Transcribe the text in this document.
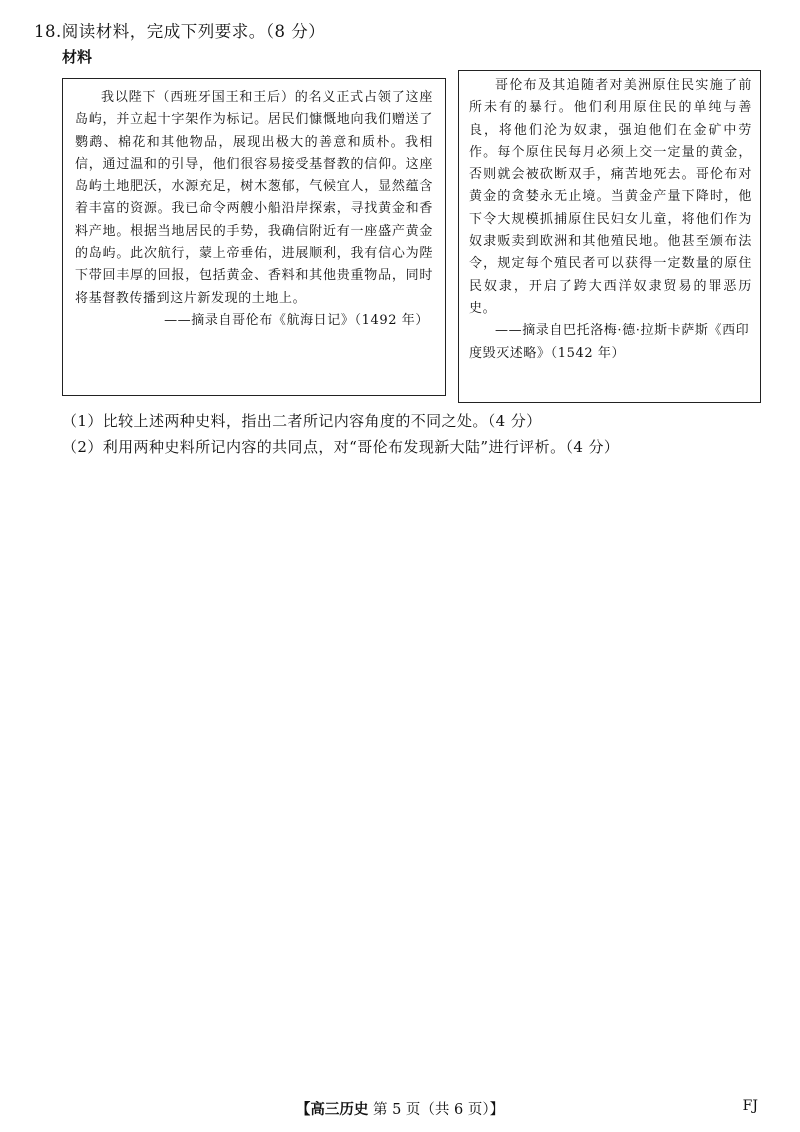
18.阅读材料，完成下列要求。（8 分）
材料

我以陛下（西班牙国王和王后）的名义正式占领了这座岛屿，并立起十字架作为标记。居民们慷慨地向我们赠送了鹦鹉、棉花和其他物品，展现出极大的善意和质朴。我相信，通过温和的引导，他们很容易接受基督教的信仰。这座岛屿土地肥沃，水源充足，树木葱郁，气候宜人，显然蕴含着丰富的资源。我已命令两艘小船沿岸探索，寻找黄金和香料产地。根据当地居民的手势，我确信附近有一座盛产黄金的岛屿。此次航行，蒙上帝垂佑，进展顺利，我有信心为陛下带回丰厚的回报，包括黄金、香料和其他贵重物品，同时将基督教传播到这片新发现的土地上。

——摘录自哥伦布《航海日记》（1492 年）

哥伦布及其追随者对美洲原住民实施了前所未有的暴行。他们利用原住民的单纯与善良，将他们沦为奴隶，强迫他们在金矿中劳作。每个原住民每月必须上交一定量的黄金，否则就会被砍断双手，痛苦地死去。哥伦布对黄金的贪婪永无止境。当黄金产量下降时，他下令大规模抓捕原住民妇女儿童，将他们作为奴隶贩卖到欧洲和其他殖民地。他甚至颁布法令，规定每个殖民者可以获得一定数量的原住民奴隶，开启了跨大西洋奴隶贸易的罪恶历史。

——摘录自巴托洛梅·德·拉斯卡萨斯《西印度毁灭述略》（1542 年）

（1）比较上述两种史料，指出二者所记内容角度的不同之处。（4 分）

（2）利用两种史料所记内容的共同点，对“哥伦布发现新大陆”进行评析。（4 分）

【高三历史 第 5 页（共 6 页）】	FJ
